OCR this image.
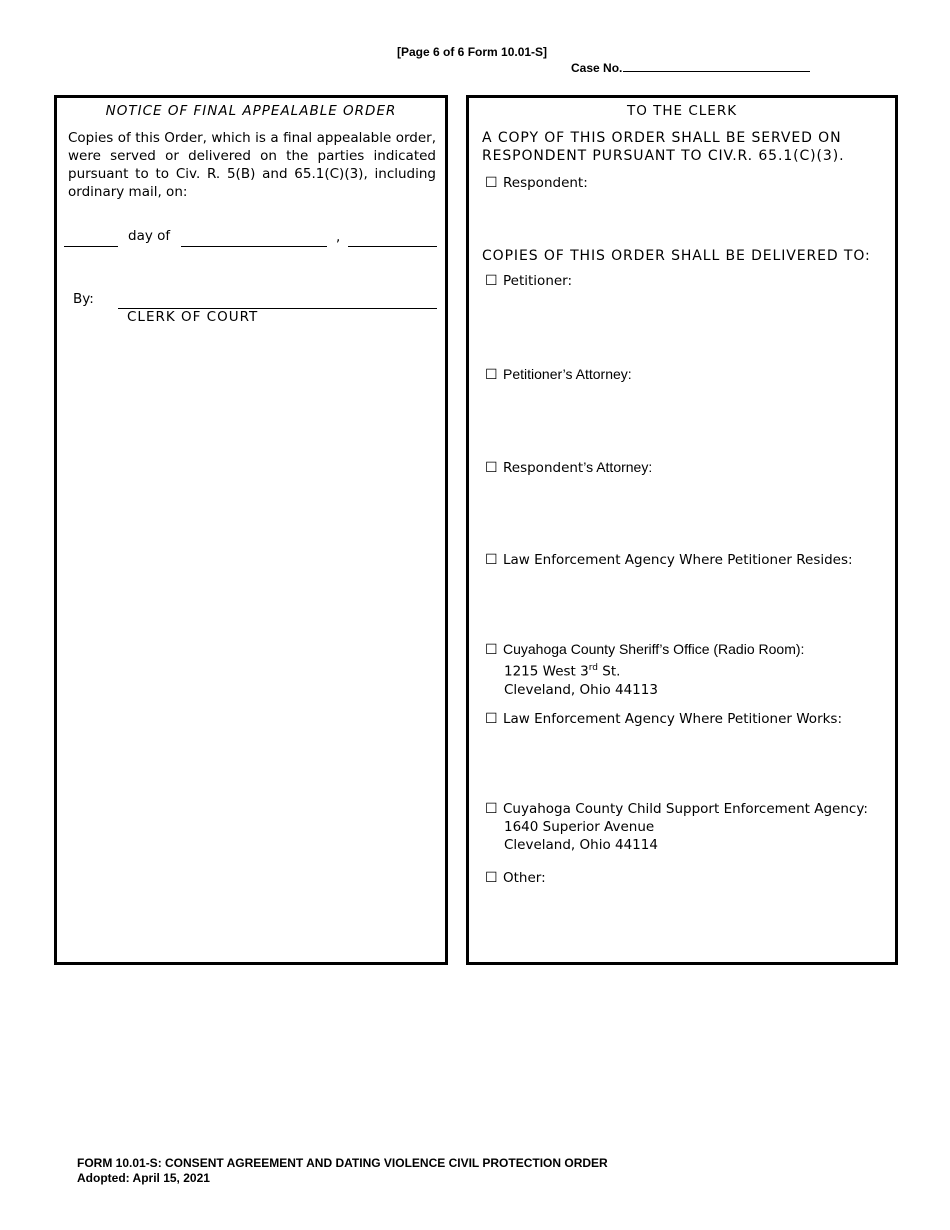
[Page 6 of 6 Form 10.01-S]
Case No.
NOTICE OF FINAL APPEALABLE ORDER
Copies of this Order, which is a final appealable order, were served or delivered on the parties indicated pursuant to to Civ. R. 5(B) and 65.1(C)(3), including ordinary mail, on:
day of	,
By:
CLERK OF COURT
TO THE CLERK
A COPY OF THIS ORDER SHALL BE SERVED ON RESPONDENT PURSUANT TO CIV.R. 65.1(C)(3).
☐ Respondent:
COPIES OF THIS ORDER SHALL BE DELIVERED TO:
☐ Petitioner:
☐ Petitioner’s Attorney:
☐ Respondent’s Attorney:
☐ Law Enforcement Agency Where Petitioner Resides:
☐ Cuyahoga County Sheriff’s Office (Radio Room):
1215 West 3rd St.
Cleveland, Ohio 44113
☐ Law Enforcement Agency Where Petitioner Works:
☐ Cuyahoga County Child Support Enforcement Agency:
1640 Superior Avenue
Cleveland, Ohio 44114
☐ Other:
FORM 10.01-S: CONSENT AGREEMENT AND DATING VIOLENCE CIVIL PROTECTION ORDER
Adopted: April 15, 2021
